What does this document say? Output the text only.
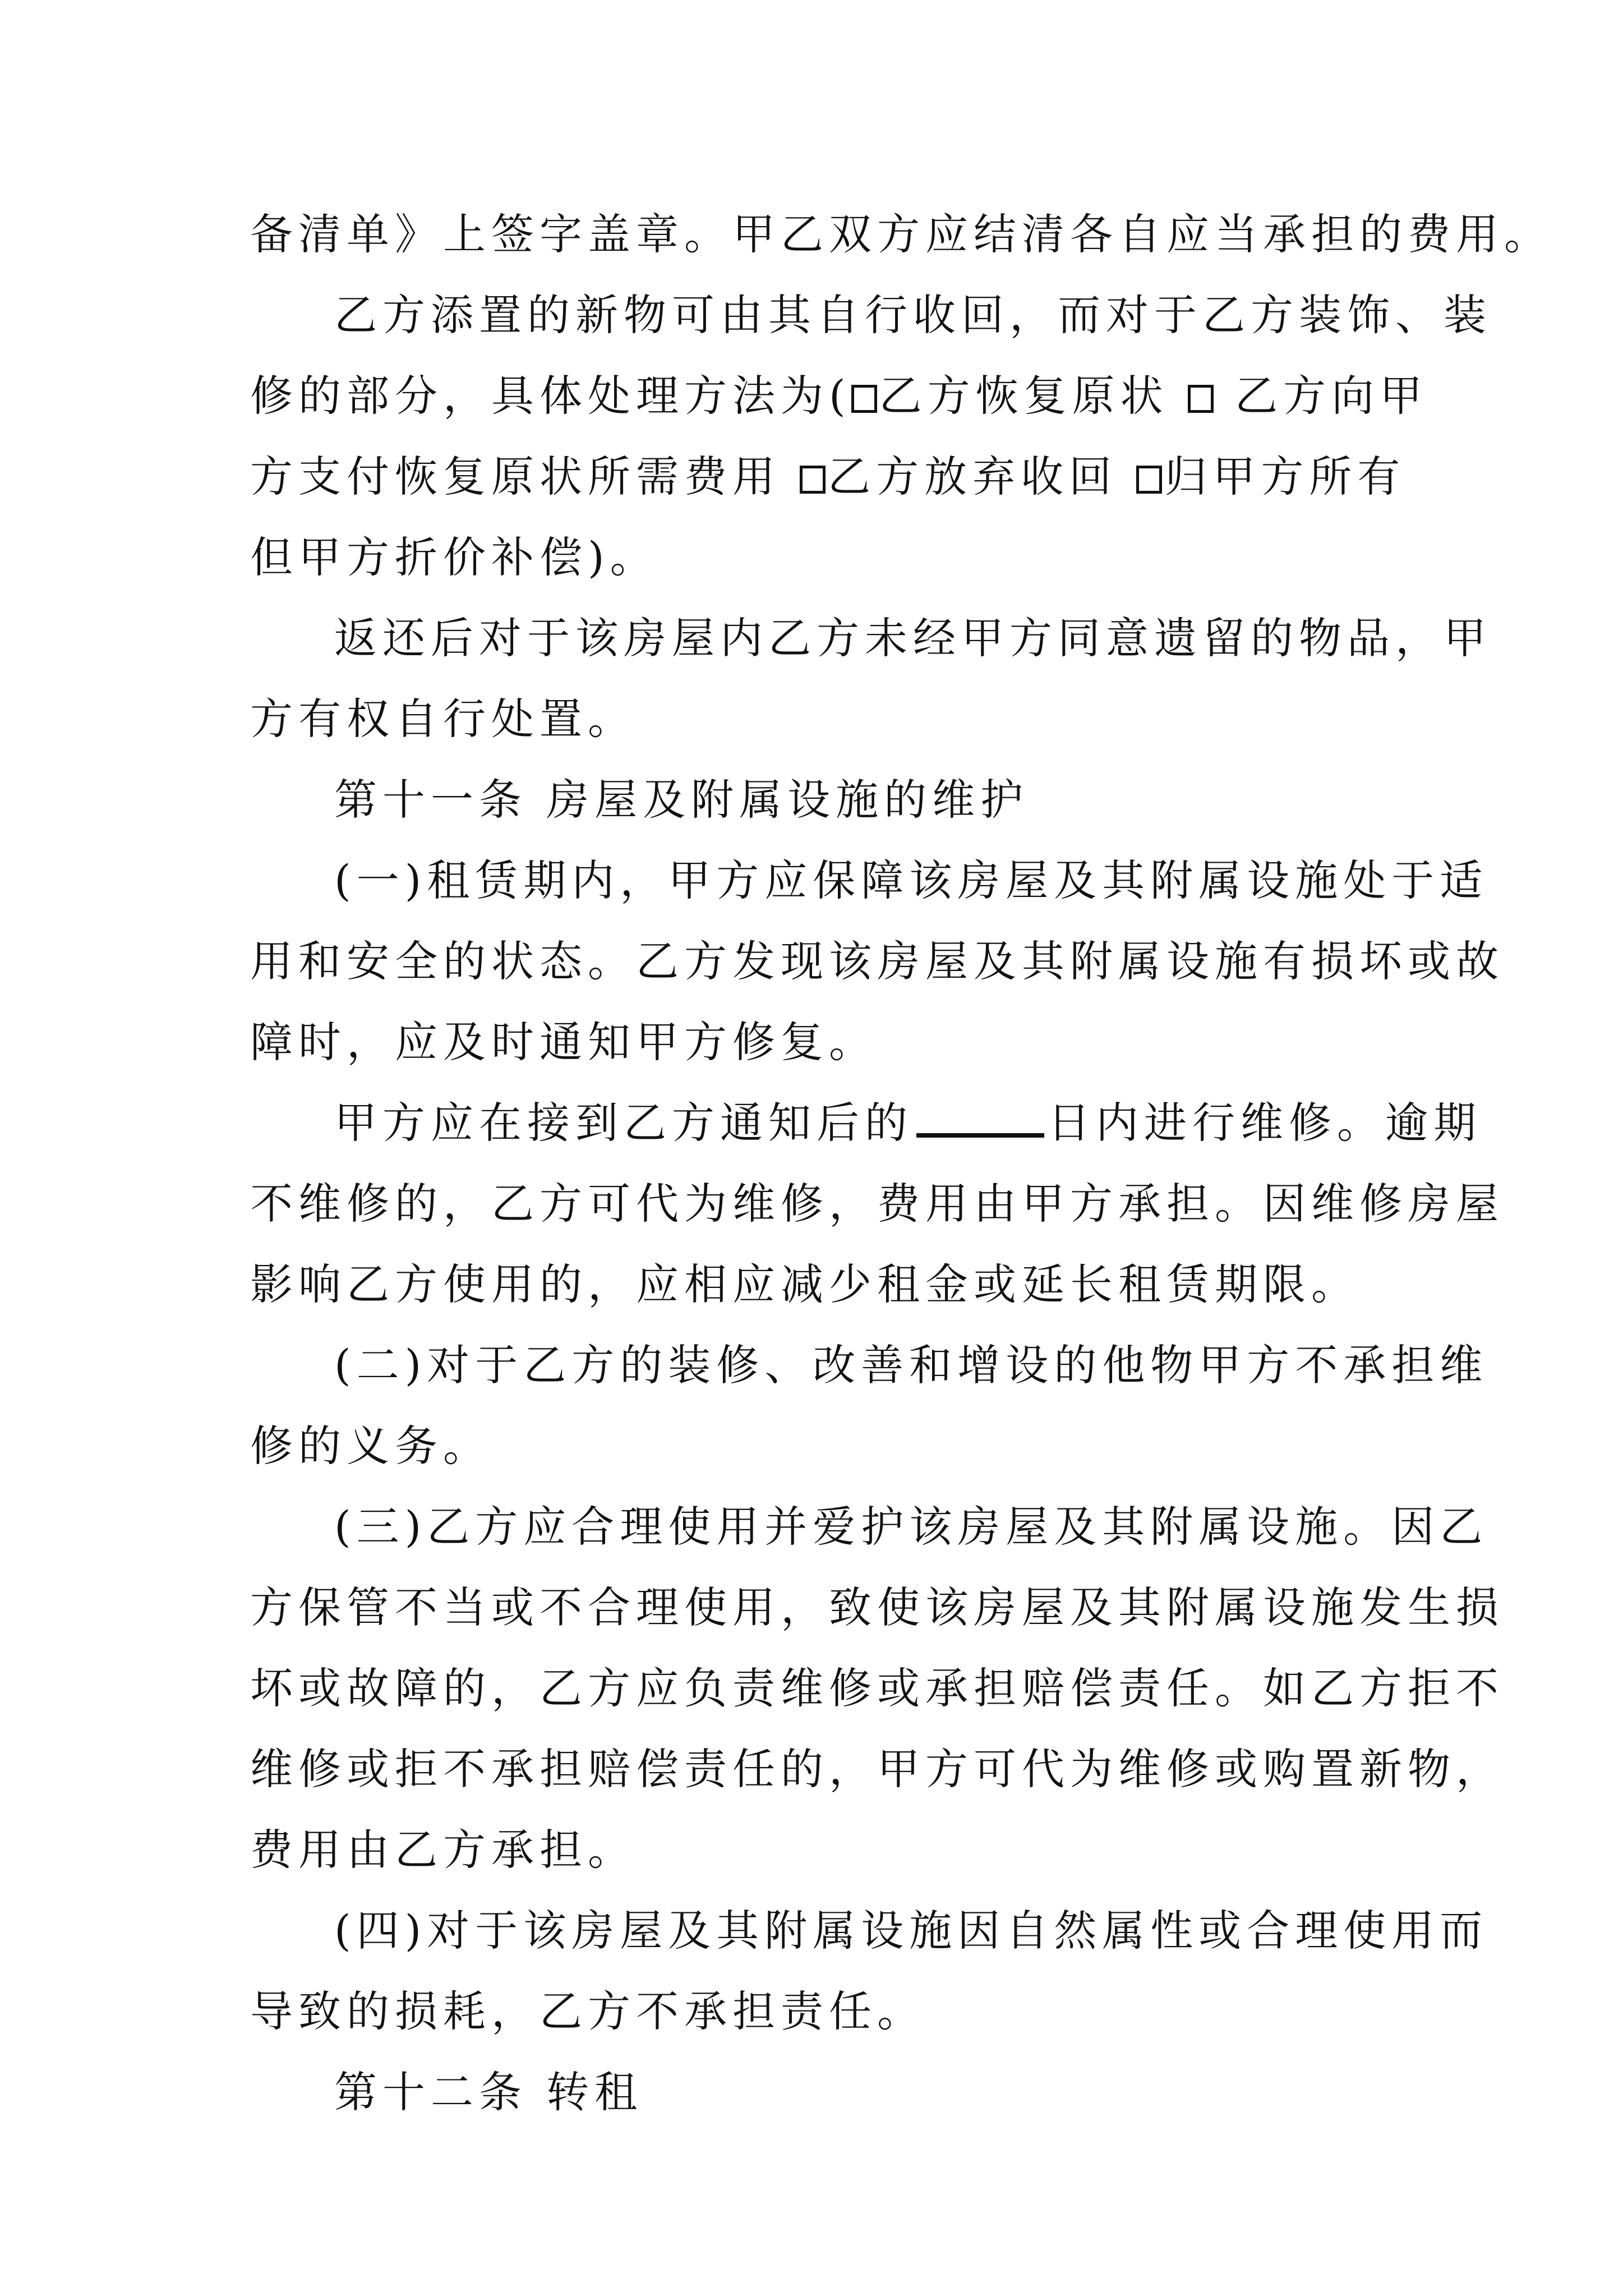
备清单》上签字盖章。甲乙双方应结清各自应当承担的费用。
乙方添置的新物可由其自行收回，而对于乙方装饰、装
修的部分，具体处理方法为( 乙方恢复原状  乙方向甲
方支付恢复原状所需费用 乙方放弃收回 归甲方所有
但甲方折价补偿)。
返还后对于该房屋内乙方未经甲方同意遗留的物品，甲
方有权自行处置。
第十一条 房屋及附属设施的维护
(一)租赁期内，甲方应保障该房屋及其附属设施处于适
用和安全的状态。乙方发现该房屋及其附属设施有损坏或故
障时，应及时通知甲方修复。
甲方应在接到乙方通知后的	日内进行维修。逾期
不维修的，乙方可代为维修，费用由甲方承担。因维修房屋
影响乙方使用的，应相应减少租金或延长租赁期限。
(二)对于乙方的装修、改善和增设的他物甲方不承担维
修的义务。
(三)乙方应合理使用并爱护该房屋及其附属设施。因乙
方保管不当或不合理使用，致使该房屋及其附属设施发生损
坏或故障的，乙方应负责维修或承担赔偿责任。如乙方拒不
维修或拒不承担赔偿责任的，甲方可代为维修或购置新物，
费用由乙方承担。
(四)对于该房屋及其附属设施因自然属性或合理使用而
导致的损耗，乙方不承担责任。
第十二条 转租
